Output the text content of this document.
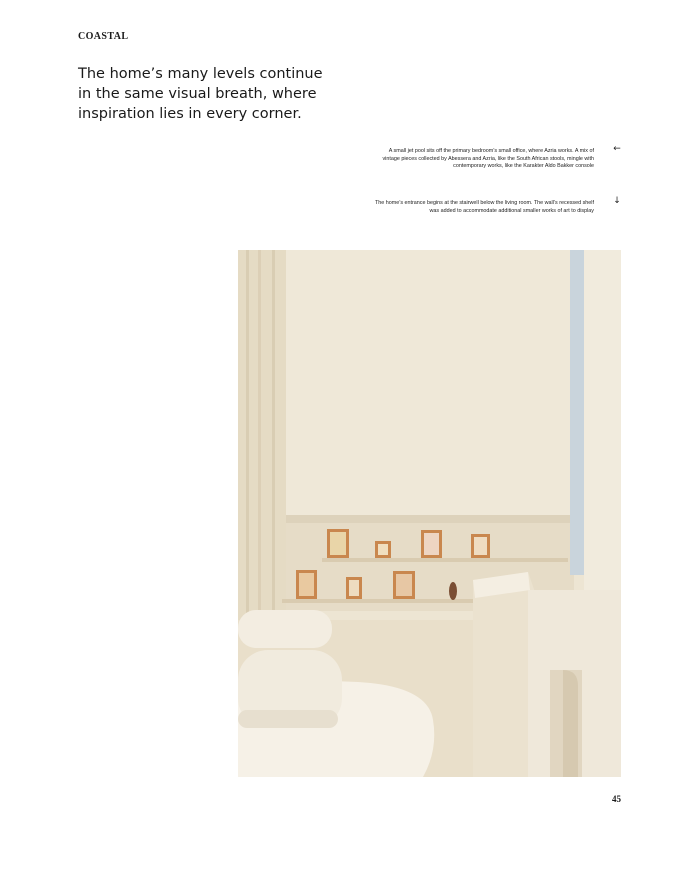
COASTAL
The home’s many levels continue in the same visual breath, where inspiration lies in every corner.
A small jet pool sits off the primary bedroom’s small office, where Azria works. A mix of vintage pieces collected by Abessera and Azria, like the South African stools, mingle with contemporary works, like the Karakter Aldo Bakker console
←
The home’s entrance begins at the stairwell below the living room. The wall’s recessed shelf was added to accommodate additional smaller works of art to display
↓
45
